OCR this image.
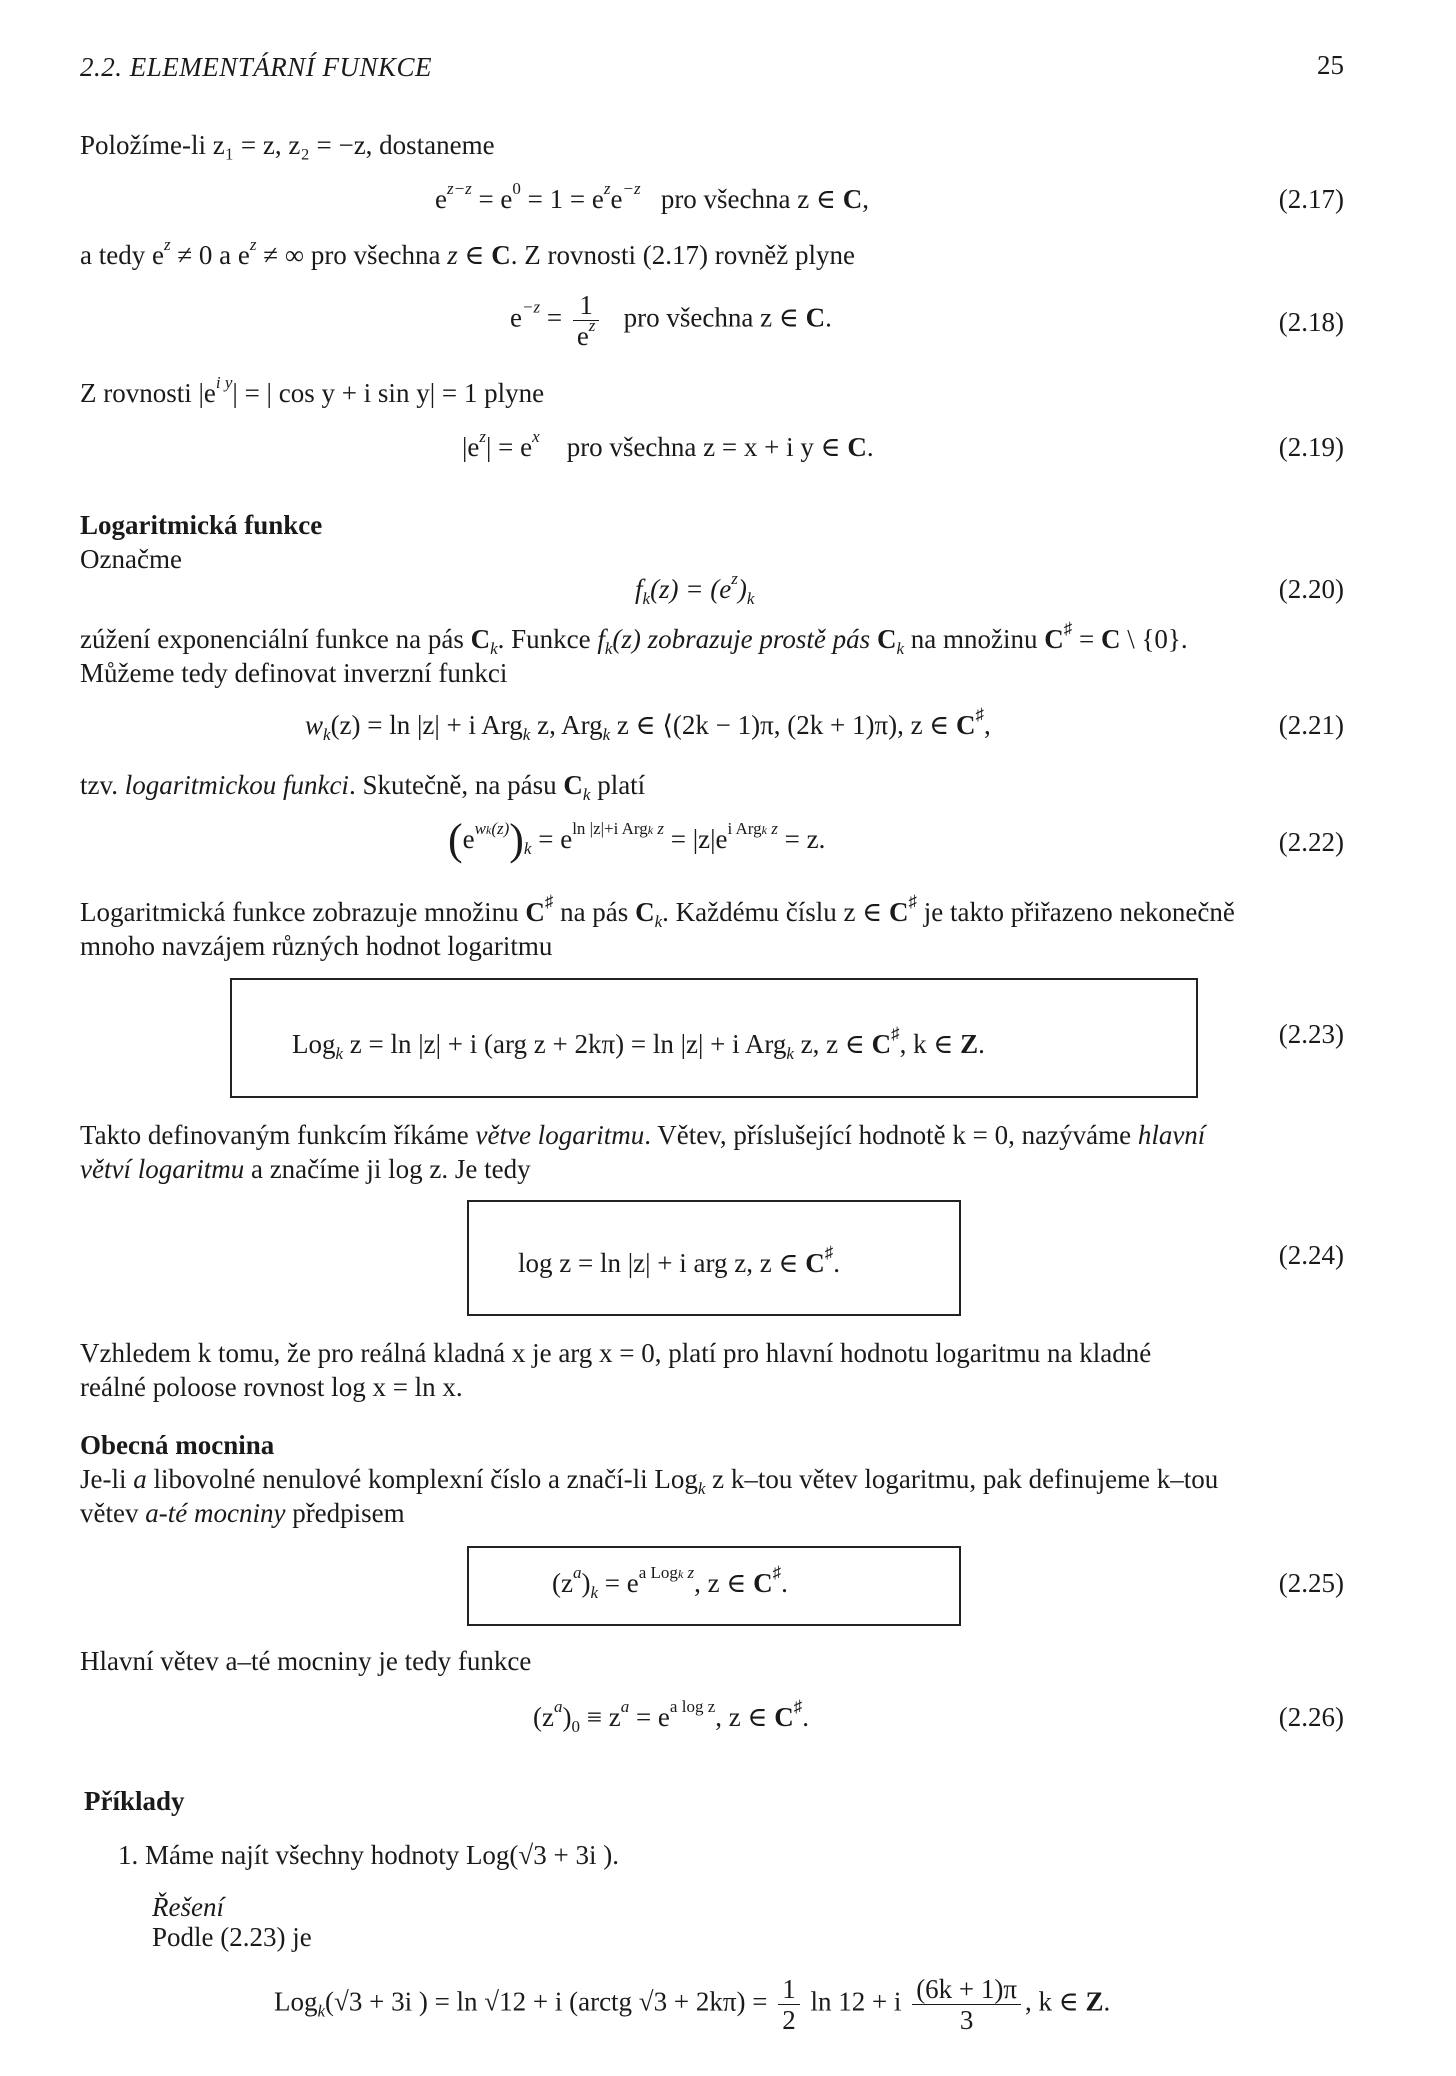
2.2. ELEMENTÁRNÍ FUNKCE	25
Položíme-li z₁ = z, z₂ = −z, dostaneme
$e^{z-z} = e^0 = 1 = e^ze^{-z}$ pro všechna z ∈ C,	(2.17)
a tedy $e^z \ne 0$ a $e^z$ ≠ ∞ pro všechna z ∈ C. Z rovnosti (2.17) rovněž plyne
$e^{-z} = \frac{1}{e^z}$ pro všechna z ∈ C.	(2.18)
Z rovnosti $|e^{i y}|$ = | cos y + i sin y| = 1 plyne
$|e^z| = e^x$ pro všechna z = x + i y ∈ C.	(2.19)
Logaritmická funkce
Označme
$f_k(z) = (e^z)_k$	(2.20)
zúžení exponenciální funkce na pás $C_k$. Funkce $f_k(z)$ zobrazuje prostě pás $C_k$ na množinu C♯ = C \ {0}.
Můžeme tedy definovat inverzní funkci
$w_k(z) = \ln |z| + i$ Arg$_k$ z, Arg$_k$ z ∈ ⟨(2k − 1)π, (2k + 1)π), z ∈ C♯,	(2.21)
tzv. logaritmickou funkci. Skutečně, na pásu $C_k$ platí
$(e^{wk(z)})_k = e^{ln |z|+i Argk z} = |z|e^{i Argk z} = z$.	(2.22)
Logaritmická funkce zobrazuje množinu C♯ na pás $C_k$. Každému číslu z ∈ C♯ je takto přiřazeno nekonečně
mnoho navzájem různých hodnot logaritmu
Log$_k$ z = ln |z| + i (arg z + 2kπ) = ln |z| + i Arg$_k$ z, z ∈ C♯, k ∈ Z.	(2.23)
Takto definovaným funkcím říkáme větve logaritmu. Větev, příslušející hodnotě k = 0, nazýváme hlavní
větví logaritmu a značíme ji log z. Je tedy
log z = ln |z| + i arg z, z ∈ C♯.	(2.24)
Vzhledem k tomu, že pro reálná kladná x je arg x = 0, platí pro hlavní hodnotu logaritmu na kladné
reálné poloose rovnost log x = ln x.
Obecná mocnina
Je-li a libovolné nenulové komplexní číslo a značí-li Log$_k$ z k–tou větev logaritmu, pak definujeme k–tou
větev a-té mocniny předpisem
$(z^a)_k = e^{a Logk z}$, z ∈ C♯.	(2.25)
Hlavní větev a–té mocniny je tedy funkce
$(z^a)_0 \equiv z^a = e^{a log z}$, z ∈ C♯.	(2.26)
Příklady
1. Máme najít všechny hodnoty Log(√3 + 3i ).
Řešení
Podle (2.23) je
Log$_k$(√3 + 3i ) = ln √12 + i (arctg $√3 + 2k\pi) = \frac{1}{2}$ ln 12 + i $\frac{(6k + 1)\pi}{3}$ , k ∈ Z.
